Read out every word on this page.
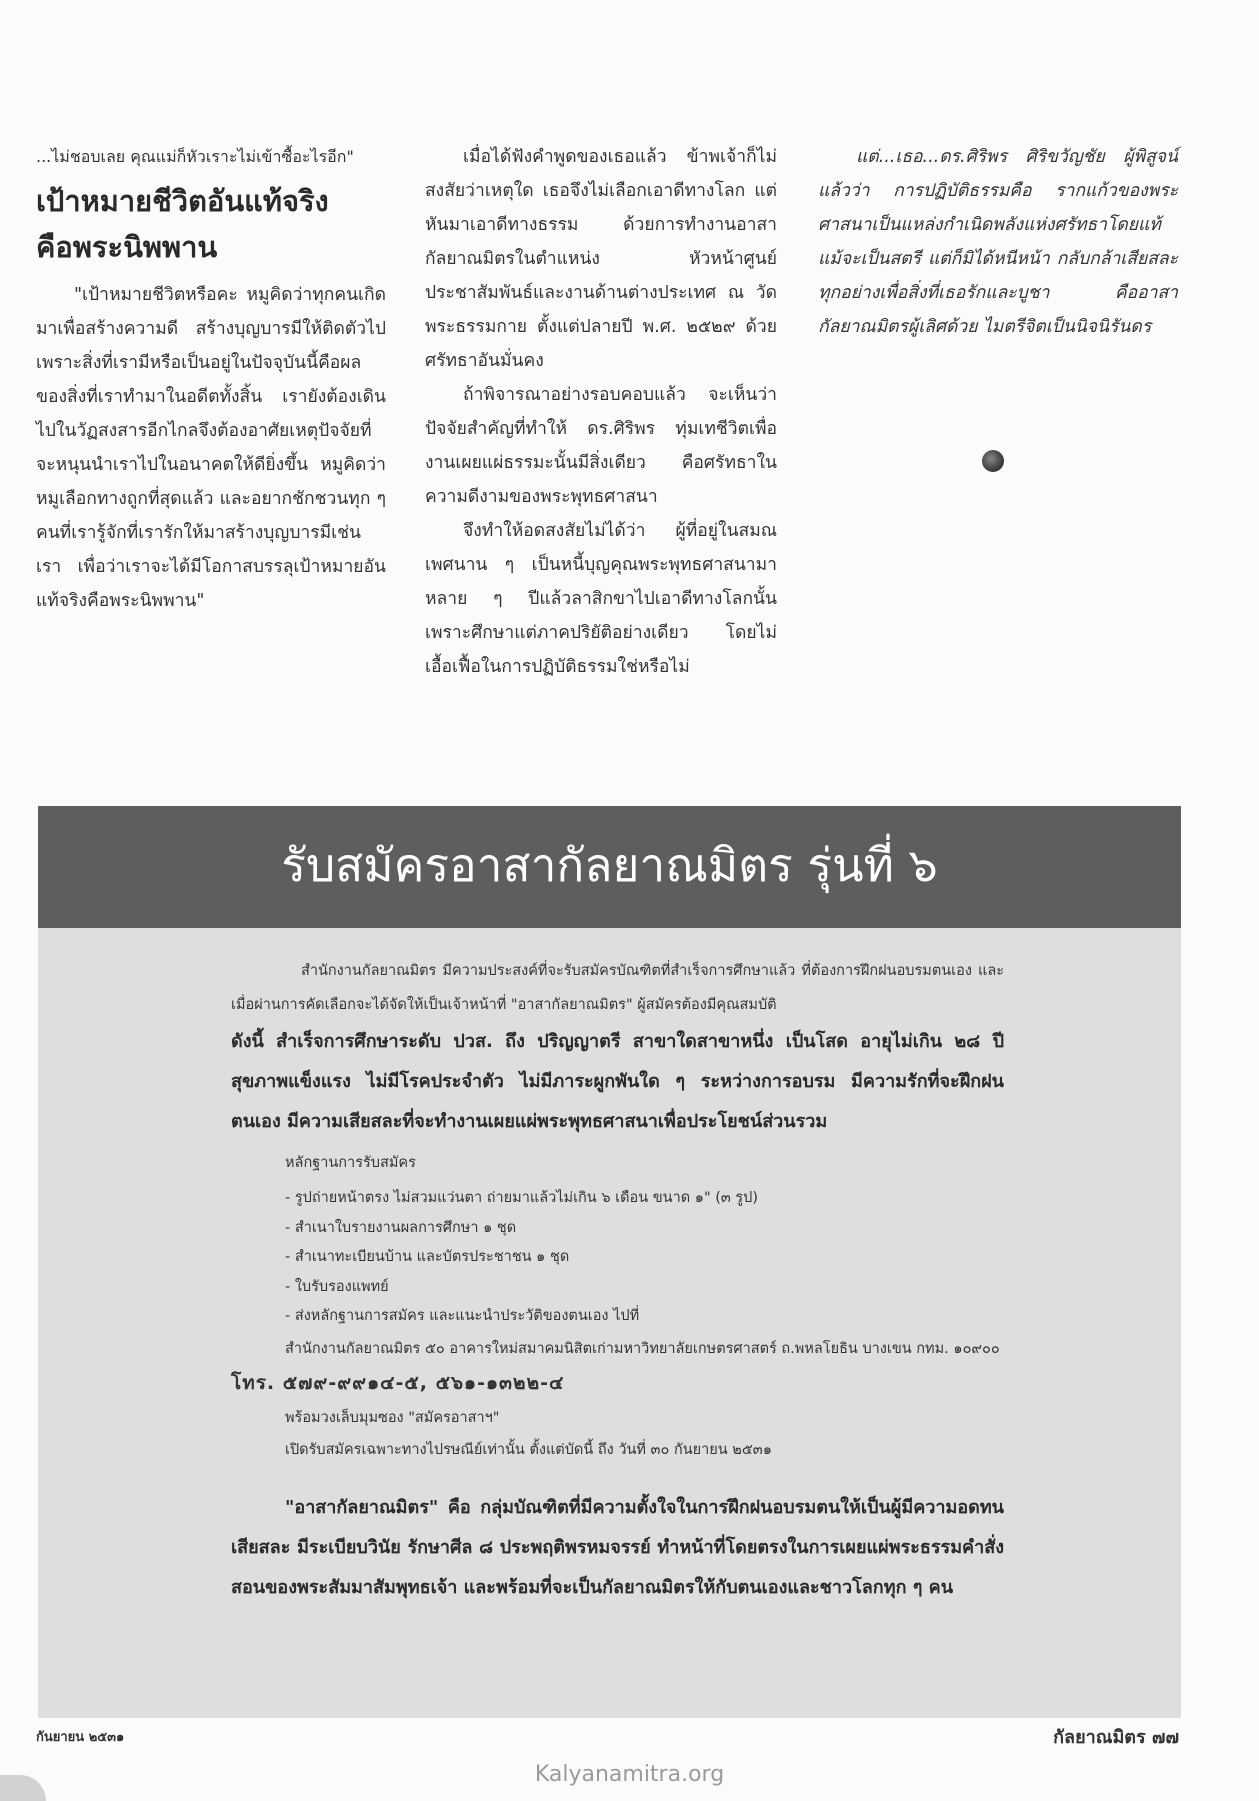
...ไม่ชอบเลย คุณแม่ก็หัวเราะไม่เข้าซื้อะไรอีก"

เป้าหมายชีวิตอันแท้จริง
คือพระนิพพาน

"เป้าหมายชีวิตหรือคะ หมูคิดว่าทุกคนเกิดมาเพื่อสร้างความดี สร้างบุญบารมีให้ติดตัวไป เพราะสิ่งที่เรามีหรือเป็นอยู่ในปัจจุบันนี้คือผลของสิ่งที่เราทำมาในอดีตทั้งสิ้น เรายังต้องเดินไปในวัฏสงสารอีกไกลจึงต้องอาศัยเหตุปัจจัยที่จะหนุนนำเราไปในอนาคตให้ดียิ่งขึ้น หมูคิดว่าหมูเลือกทางถูกที่สุดแล้ว และอยากชักชวนทุก ๆ คนที่เรารู้จักที่เรารักให้มาสร้างบุญบารมีเช่นเรา เพื่อว่าเราจะได้มีโอกาสบรรลุเป้าหมายอันแท้จริงคือพระนิพพาน"

เมื่อได้ฟังคำพูดของเธอแล้ว ข้าพเจ้าก็ไม่สงสัยว่าเหตุใด เธอจึงไม่เลือกเอาดีทางโลก แต่หันมาเอาดีทางธรรม ด้วยการทำงานอาสากัลยาณมิตรในตำแหน่ง หัวหน้าศูนย์ประชาสัมพันธ์และงานด้านต่างประเทศ ณ วัดพระธรรมกาย ตั้งแต่ปลายปี พ.ศ. ๒๕๒๙ ด้วยศรัทธาอันมั่นคง

ถ้าพิจารณาอย่างรอบคอบแล้ว จะเห็นว่าปัจจัยสำคัญที่ทำให้ ดร.ศิริพร ทุ่มเทชีวิตเพื่องานเผยแผ่ธรรมะนั้นมีสิ่งเดียว คือศรัทธาในความดีงามของพระพุทธศาสนา

จึงทำให้อดสงสัยไม่ได้ว่า ผู้ที่อยู่ในสมณเพศนาน ๆ เป็นหนี้บุญคุณพระพุทธศาสนามาหลาย ๆ ปีแล้วลาสิกขาไปเอาดีทางโลกนั้น เพราะศึกษาแต่ภาคปริยัติอย่างเดียว โดยไม่เอื้อเฟื้อในการปฏิบัติธรรมใช่หรือไม่

แต่...เธอ...ดร.ศิริพร ศิริขวัญชัย ผู้พิสูจน์แล้วว่า การปฏิบัติธรรมคือ รากแก้วของพระศาสนาเป็นแหล่งกำเนิดพลังแห่งศรัทธาโดยแท้ แม้จะเป็นสตรี แต่ก็มิได้หนีหน้า กลับกล้าเสียสละทุกอย่างเพื่อสิ่งที่เธอรักและบูชา คืออาสากัลยาณมิตรผู้เลิศด้วย ไมตรีจิตเป็นนิจนิรันดร

รับสมัครอาสากัลยาณมิตร รุ่นที่ ๖

สำนักงานกัลยาณมิตร มีความประสงค์ที่จะรับสมัครบัณฑิตที่สำเร็จการศึกษาแล้ว ที่ต้องการฝึกฝนอบรมตนเอง และเมื่อผ่านการคัดเลือกจะได้จัดให้เป็นเจ้าหน้าที่ "อาสากัลยาณมิตร" ผู้สมัครต้องมีคุณสมบัติ

ดังนี้ สำเร็จการศึกษาระดับ ปวส. ถึง ปริญญาตรี สาขาใดสาขาหนึ่ง เป็นโสด อายุไม่เกิน ๒๘ ปี สุขภาพแข็งแรง ไม่มีโรคประจำตัว ไม่มีภาระผูกพันใด ๆ ระหว่างการอบรม มีความรักที่จะฝึกฝนตนเอง มีความเสียสละที่จะทำงานเผยแผ่พระพุทธศาสนาเพื่อประโยชน์ส่วนรวม

หลักฐานการรับสมัคร

- รูปถ่ายหน้าตรง ไม่สวมแว่นตา ถ่ายมาแล้วไม่เกิน ๖ เดือน ขนาด ๑" (๓ รูป)
- สำเนาใบรายงานผลการศึกษา ๑ ชุด
- สำเนาทะเบียนบ้าน และบัตรประชาชน ๑ ชุด
- ใบรับรองแพทย์
- ส่งหลักฐานการสมัคร และแนะนำประวัติของตนเอง ไปที่

สำนักงานกัลยาณมิตร ๕๐ อาคารใหม่สมาคมนิสิตเก่ามหาวิทยาลัยเกษตรศาสตร์ ถ.พหลโยธิน บางเขน กทม. ๑๐๙๐๐ โทร. ๕๗๙-๙๙๑๔-๕, ๕๖๑-๑๓๒๒-๔

พร้อมวงเล็บมุมซอง "สมัครอาสาฯ"

เปิดรับสมัครเฉพาะทางไปรษณีย์เท่านั้น ตั้งแต่บัดนี้ ถึง วันที่ ๓๐ กันยายน ๒๕๓๑

"อาสากัลยาณมิตร" คือ กลุ่มบัณฑิตที่มีความตั้งใจในการฝึกฝนอบรมตนให้เป็นผู้มีความอดทน เสียสละ มีระเบียบวินัย รักษาศีล ๘ ประพฤติพรหมจรรย์ ทำหน้าที่โดยตรงในการเผยแผ่พระธรรมคำสั่งสอนของพระสัมมาสัมพุทธเจ้า และพร้อมที่จะเป็นกัลยาณมิตรให้กับตนเองและชาวโลกทุก ๆ คน

กันยายน ๒๕๓๑	กัลยาณมิตร ๗๗
Kalyanamitra.org
